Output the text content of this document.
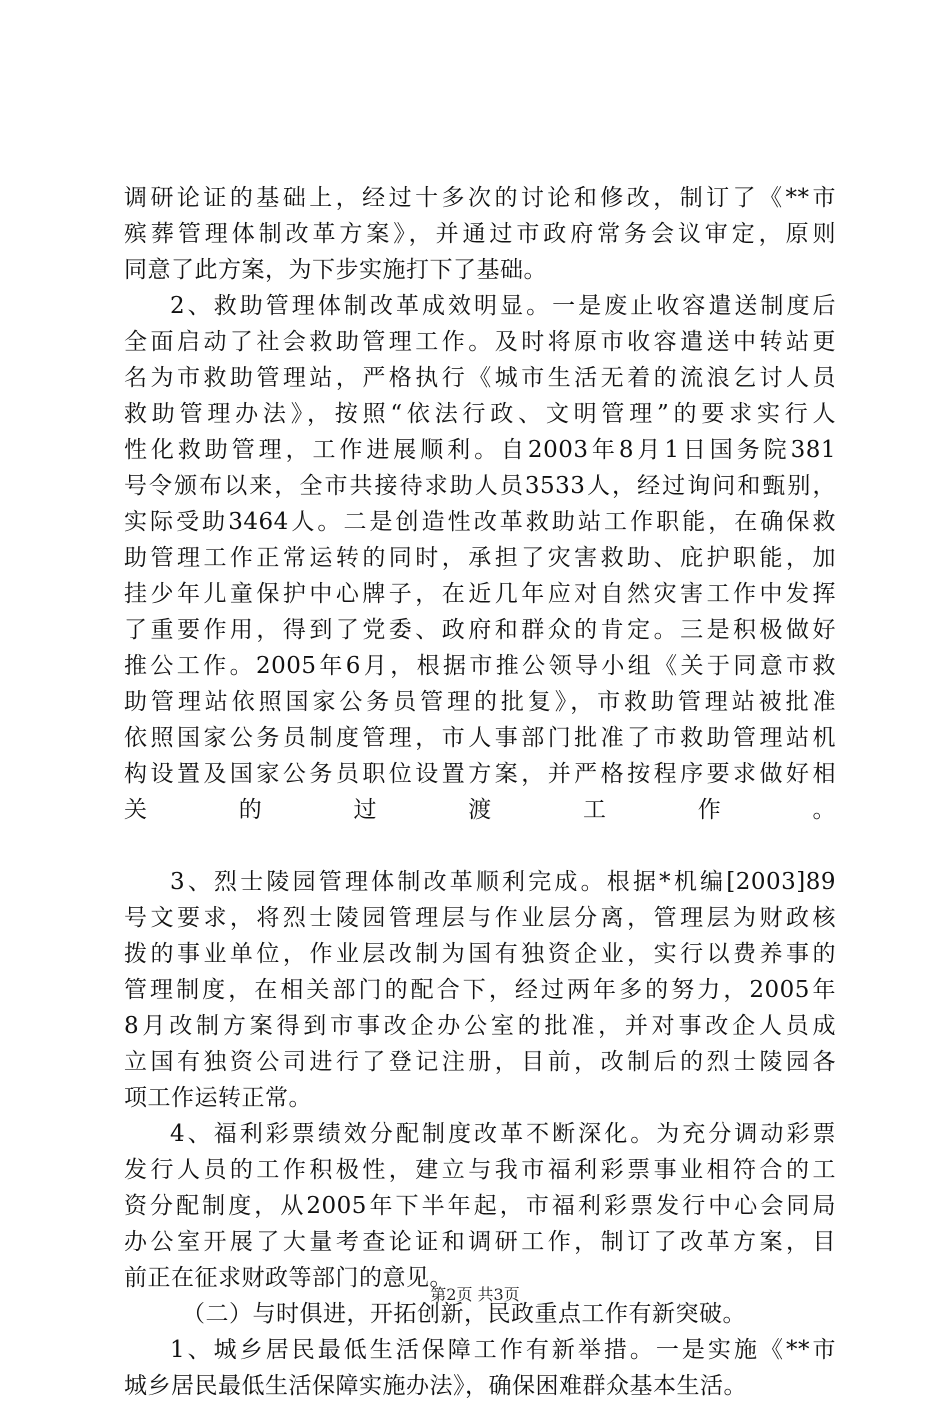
调研论证的基础上，经过十多次的讨论和修改，制订了《**市
殡葬管理体制改革方案》，并通过市政府常务会议审定，原则
同意了此方案，为下步实施打下了基础。
2、救助管理体制改革成效明显。一是废止收容遣送制度后
全面启动了社会救助管理工作。及时将原市收容遣送中转站更
名为市救助管理站，严格执行《城市生活无着的流浪乞讨人员
救助管理办法》，按照“依法行政、文明管理”的要求实行人
性化救助管理，工作进展顺利。自2003年8月1日国务院381
号令颁布以来，全市共接待求助人员3533人，经过询问和甄别，
实际受助3464人。二是创造性改革救助站工作职能，在确保救
助管理工作正常运转的同时，承担了灾害救助、庇护职能，加
挂少年儿童保护中心牌子，在近几年应对自然灾害工作中发挥
了重要作用，得到了党委、政府和群众的肯定。三是积极做好
推公工作。2005年6月，根据市推公领导小组《关于同意市救
助管理站依照国家公务员管理的批复》，市救助管理站被批准
依照国家公务员制度管理，市人事部门批准了市救助管理站机
构设置及国家公务员职位设置方案，并严格按程序要求做好相
关的过渡工作。
3、烈士陵园管理体制改革顺利完成。根据*机编[2003]89
号文要求，将烈士陵园管理层与作业层分离，管理层为财政核
拨的事业单位，作业层改制为国有独资企业，实行以费养事的
管理制度，在相关部门的配合下，经过两年多的努力，2005年
8月改制方案得到市事改企办公室的批准，并对事改企人员成
立国有独资公司进行了登记注册，目前，改制后的烈士陵园各
项工作运转正常。
4、福利彩票绩效分配制度改革不断深化。为充分调动彩票
发行人员的工作积极性，建立与我市福利彩票事业相符合的工
资分配制度，从2005年下半年起，市福利彩票发行中心会同局
办公室开展了大量考查论证和调研工作，制订了改革方案，目
前正在征求财政等部门的意见。
（二）与时俱进，开拓创新，民政重点工作有新突破。
1、城乡居民最低生活保障工作有新举措。一是实施《**市
城乡居民最低生活保障实施办法》，确保困难群众基本生活。
第2页 共3页
